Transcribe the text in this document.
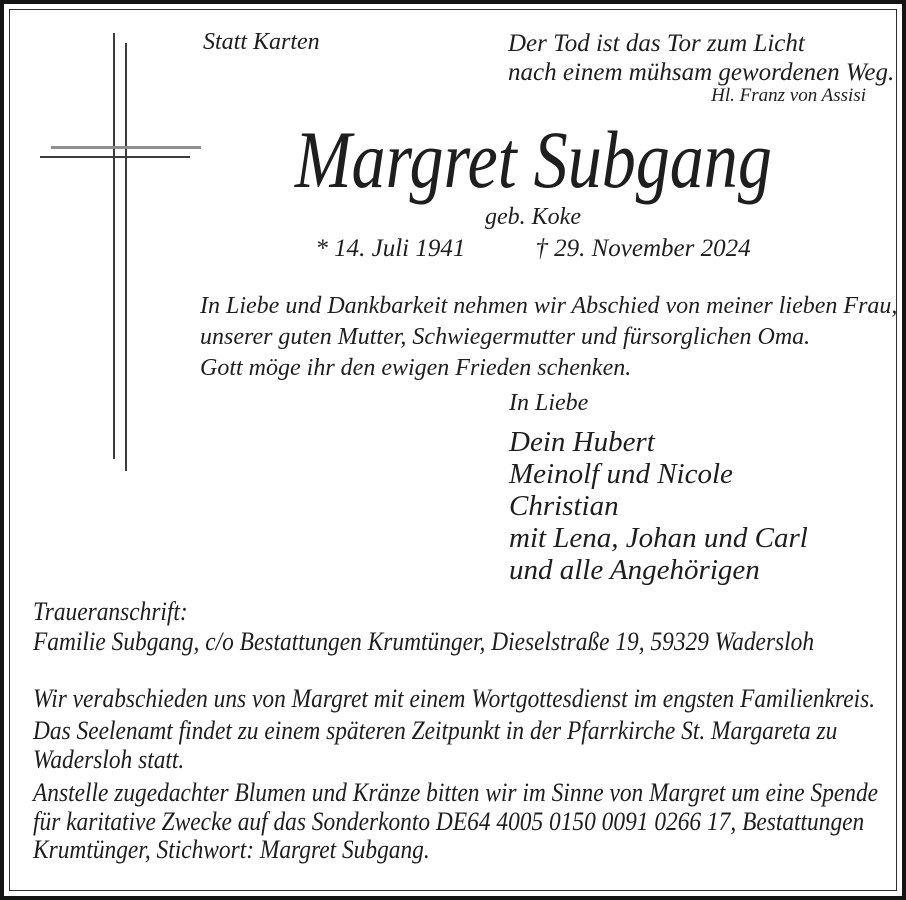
Statt Karten	Der Tod ist das Tor zum Licht
nach einem mühsam gewordenen Weg.
Hl. Franz von Assisi
Margret Subgang
geb. Koke
* 14. Juli 1941	† 29. November 2024
In Liebe und Dankbarkeit nehmen wir Abschied von meiner lieben Frau,
unserer guten Mutter, Schwiegermutter und fürsorglichen Oma.
Gott möge ihr den ewigen Frieden schenken.
In Liebe
Dein Hubert
Meinolf und Nicole
Christian
mit Lena, Johan und Carl
und alle Angehörigen
Traueranschrift:
Familie Subgang, c/o Bestattungen Krumtünger, Dieselstraße 19, 59329 Wadersloh
Wir verabschieden uns von Margret mit einem Wortgottesdienst im engsten Familienkreis.
Das Seelenamt findet zu einem späteren Zeitpunkt in der Pfarrkirche St. Margareta zu
Wadersloh statt.
Anstelle zugedachter Blumen und Kränze bitten wir im Sinne von Margret um eine Spende
für karitative Zwecke auf das Sonderkonto DE64 4005 0150 0091 0266 17, Bestattungen
Krumtünger, Stichwort: Margret Subgang.
